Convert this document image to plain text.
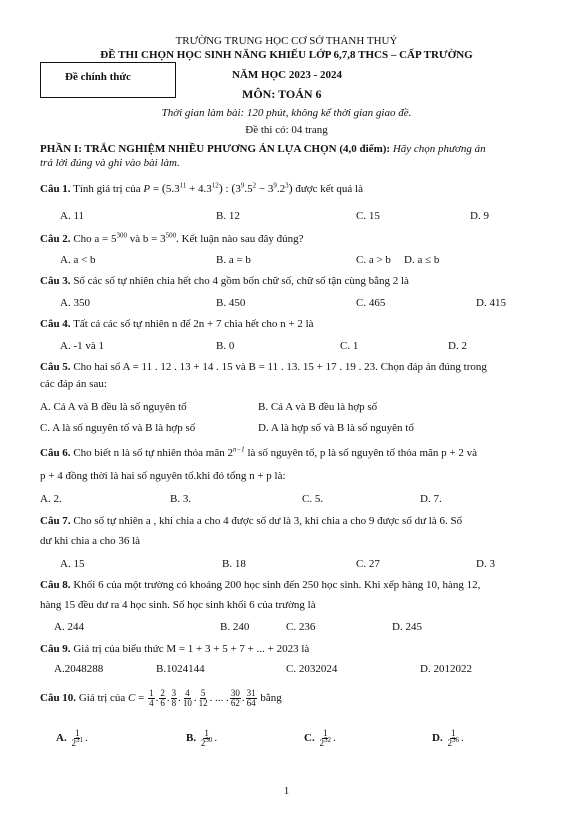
TRƯỜNG TRUNG HỌC CƠ SỞ THANH THUỶ
ĐỀ THI CHỌN HỌC SINH NĂNG KHIẾU LỚP 6,7,8 THCS – CẤP TRƯỜNG
Đề chính thức	NĂM HỌC 2023 - 2024
MÔN: TOÁN 6
Thời gian làm bài: 120 phút, không kể thời gian giao đề.
Đề thi có: 04 trang
PHẦN I: TRẮC NGHIỆM NHIỀU PHƯƠNG ÁN LỰA CHỌN (4,0 điểm): Hãy chọn phương án
trả lời đúng và ghi vào bài làm.
Câu 1. Tính giá trị của $P = (5.3^{11} + 4.3^{12})$ : $(3^9.5^2 - 3^9.2^3)$ được kết quả là
A. 11	B. 12	C. 15	D. 9
Câu 2. Cho $a = 5^{300}$ và $b = 3^{500}$. Kết luận nào sau đây đúng?
A. a < b	B. a = b	C. a > b D. a ≤ b
Câu 3. Số các số tự nhiên chia hết cho 4 gồm bốn chữ số, chữ số tận cùng bằng 2 là
A. 350	B. 450	C. 465	D. 415
Câu 4. Tất cả các số tự nhiên n để 2n + 7 chia hết cho n + 2 là
A. -1 và 1	B. 0	C. 1	D. 2
Câu 5. Cho hai số A = 11 . 12 . 13 + 14 . 15 và B = 11 . 13. 15 + 17 . 19 . 23. Chọn đáp án đúng trong
các đáp án sau:
A. Cả A và B đều là số nguyên tố	B. Cả A và B đều là hợp số
C. A là số nguyên tố và B là hợp số	D. A là hợp số và B là số nguyên tố
Câu 6. Cho biết n là số tự nhiên thỏa mãn $2^{n-1}$ là số nguyên tố, p là số nguyên tố thỏa mãn p + 2 và
p + 4 đồng thời là hai số nguyên tố.khi đó tổng n + p là:
A. 2.	B. 3.	C. 5.	D. 7.
Câu 7. Cho số tự nhiên a , khi chia a cho 4 được số dư là 3, khi chia a cho 9 được số dư là 6. Số
dư khi chia a cho 36 là
A. 15	B. 18	C. 27	D. 3
Câu 8. Khối 6 của một trường có khoảng 200 học sinh đến 250 học sinh. Khi xếp hàng 10, hàng 12,
hàng 15 đều dư ra 4 học sinh. Số học sinh khối 6 của trường là
A. 244	B. 240	C. 236	D. 245
Câu 9. Giá trị của biểu thức M = 1 + 3 + 5 + 7 + ... + 2023 là
A.2048288	B.1024144	C. 2032024	D. 2012022
Câu 10. Giá trị của $C = \frac{1}{4}$ . $\frac{2}{6}$ . $\frac{3}{8}$ . $\frac{4}{10}$ . $\frac{5}{12}$ . ... . $\frac{30}{62}$ . $\frac{31}{64}$ bằng
A. $\frac{1}{2^{31}}$ .	B. $\frac{1}{2^{30}}$ .	C. $\frac{1}{2^{32}}$ .	D. $\frac{1}{2^{36}}$ .
1
